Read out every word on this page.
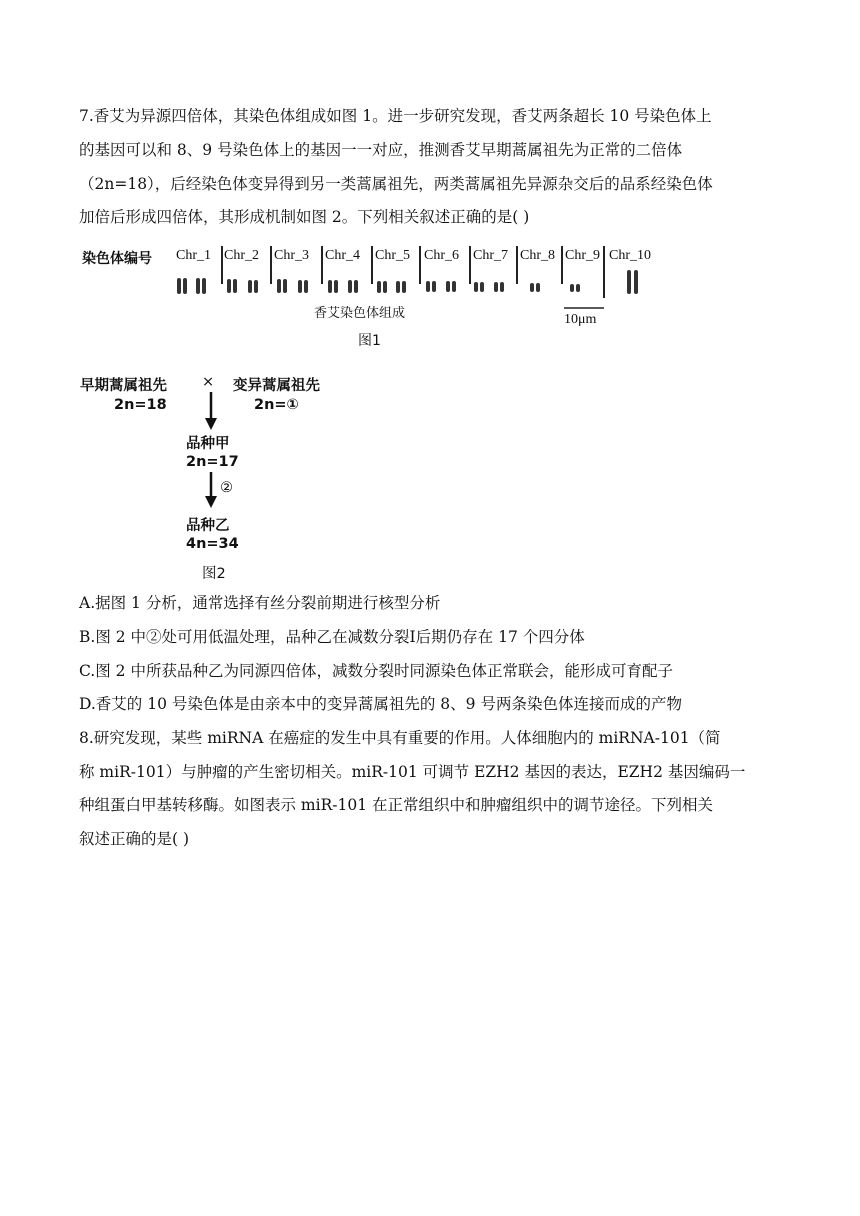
7.香艾为异源四倍体，其染色体组成如图 1。进一步研究发现，香艾两条超长 10 号染色体上
的基因可以和 8、9 号染色体上的基因一一对应，推测香艾早期蒿属祖先为正常的二倍体
（2n=18），后经染色体变异得到另一类蒿属祖先，两类蒿属祖先异源杂交后的品系经染色体
加倍后形成四倍体，其形成机制如图 2。下列相关叙述正确的是( )
染色体编号 Chr_1 Chr_2 Chr_3 Chr_4 Chr_5 Chr_6 Chr_7 Chr_8 Chr_9 Chr_10
香艾染色体组成	10μm
图1
早期蒿属祖先 × 变异蒿属祖先
2n=18	2n=①
品种甲
2n=17
②
品种乙
4n=34
图2
A.据图 1 分析，通常选择有丝分裂前期进行核型分析
B.图 2 中②处可用低温处理，品种乙在减数分裂Ⅰ后期仍存在 17 个四分体
C.图 2 中所获品种乙为同源四倍体，减数分裂时同源染色体正常联会，能形成可育配子
D.香艾的 10 号染色体是由亲本中的变异蒿属祖先的 8、9 号两条染色体连接而成的产物
8.研究发现，某些 miRNA 在癌症的发生中具有重要的作用。人体细胞内的 miRNA-101（简
称 miR-101）与肿瘤的产生密切相关。miR-101 可调节 EZH2 基因的表达，EZH2 基因编码一
种组蛋白甲基转移酶。如图表示 miR-101 在正常组织中和肿瘤组织中的调节途径。下列相关
叙述正确的是( )
